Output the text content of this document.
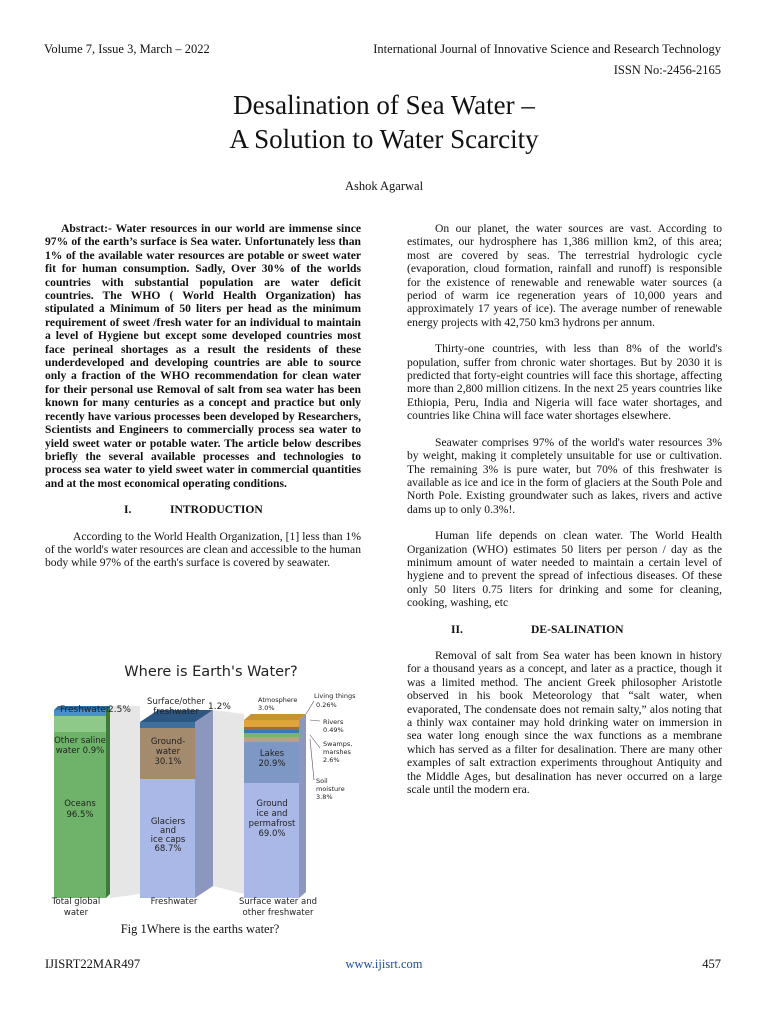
Volume 7, Issue 3, March – 2022	International Journal of Innovative Science and Research Technology
ISSN No:-2456-2165
Desalination of Sea Water –
A Solution to Water Scarcity
Ashok Agarwal

Abstract:- Water resources in our world are immense since 97% of the earth’s surface is Sea water. Unfortunately less than 1% of the available water resources are potable or sweet water fit for human consumption. Sadly, Over 30% of the worlds countries with substantial population are water deficit countries. The WHO ( World Health Organization) has stipulated a Minimum of 50 liters per head as the minimum requirement of sweet /fresh water for an individual to maintain a level of Hygiene but except some developed countries most face perineal shortages as a result the residents of these underdeveloped and developing countries are able to source only a fraction of the WHO recommendation for clean water for their personal use Removal of salt from sea water has been known for many centuries as a concept and practice but only recently have various processes been developed by Researchers, Scientists and Engineers to commercially process sea water to yield sweet water or potable water. The article below describes briefly the several available processes and technologies to process sea water to yield sweet water in commercial quantities and at the most economical operating conditions.

I.	INTRODUCTION

According to the World Health Organization, [1] less than 1% of the world's water resources are clean and accessible to the human body while 97% of the earth's surface is covered by seawater.

Where is Earth's Water?
Freshwater
2.5%
Other saline
water 0.9%
Oceans
96.5%
Surface/other
freshwater 1.2%
Ground-
water
30.1%
Glaciers
and
ice caps
68.7%
Atmosphere
3.0%
Living things
0.26%
Rivers
0.49%
Swamps,
marshes
2.6%
Soil
moisture
3.8%
Lakes
20.9%
Ground
ice and
permafrost
69.0%
Total global
water
Freshwater	Surface water and
other freshwater
Fig 1Where is the earths water?

On our planet, the water sources are vast. According to estimates, our hydrosphere has 1,386 million km2, of this area; most are covered by seas. The terrestrial hydrologic cycle (evaporation, cloud formation, rainfall and runoff) is responsible for the existence of renewable and renewable water sources (a period of warm ice regeneration years of 10,000 years and approximately 17 years of ice). The average number of renewable energy projects with 42,750 km3 hydrons per annum.

Thirty-one countries, with less than 8% of the world's population, suffer from chronic water shortages. But by 2030 it is predicted that forty-eight countries will face this shortage, affecting more than 2,800 million citizens. In the next 25 years countries like Ethiopia, Peru, India and Nigeria will face water shortages, and countries like China will face water shortages elsewhere.

Seawater comprises 97% of the world's water resources 3% by weight, making it completely unsuitable for use or cultivation. The remaining 3% is pure water, but 70% of this freshwater is available as ice and ice in the form of glaciers at the South Pole and North Pole. Existing groundwater such as lakes, rivers and active dams up to only 0.3%!.

Human life depends on clean water. The World Health Organization (WHO) estimates 50 liters per person / day as the minimum amount of water needed to maintain a certain level of hygiene and to prevent the spread of infectious diseases. Of these only 50 liters 0.75 liters for drinking and some for cleaning, cooking, washing, etc

II.	DE-SALINATION

Removal of salt from Sea water has been known in history for a thousand years as a concept, and later as a practice, though it was a limited method. The ancient Greek philosopher Aristotle observed in his book Meteorology that “salt water, when evaporated, The condensate does not remain salty,” alos noting that a thinly wax container may hold drinking water on immersion in sea water long enough since the wax functions as a membrane which has served as a filter for desalination. There are many other examples of salt extraction experiments throughout Antiquity and the Middle Ages, but desalination has never occurred on a large scale until the modern era.

IJISRT22MAR497	www.ijisrt.com	457
